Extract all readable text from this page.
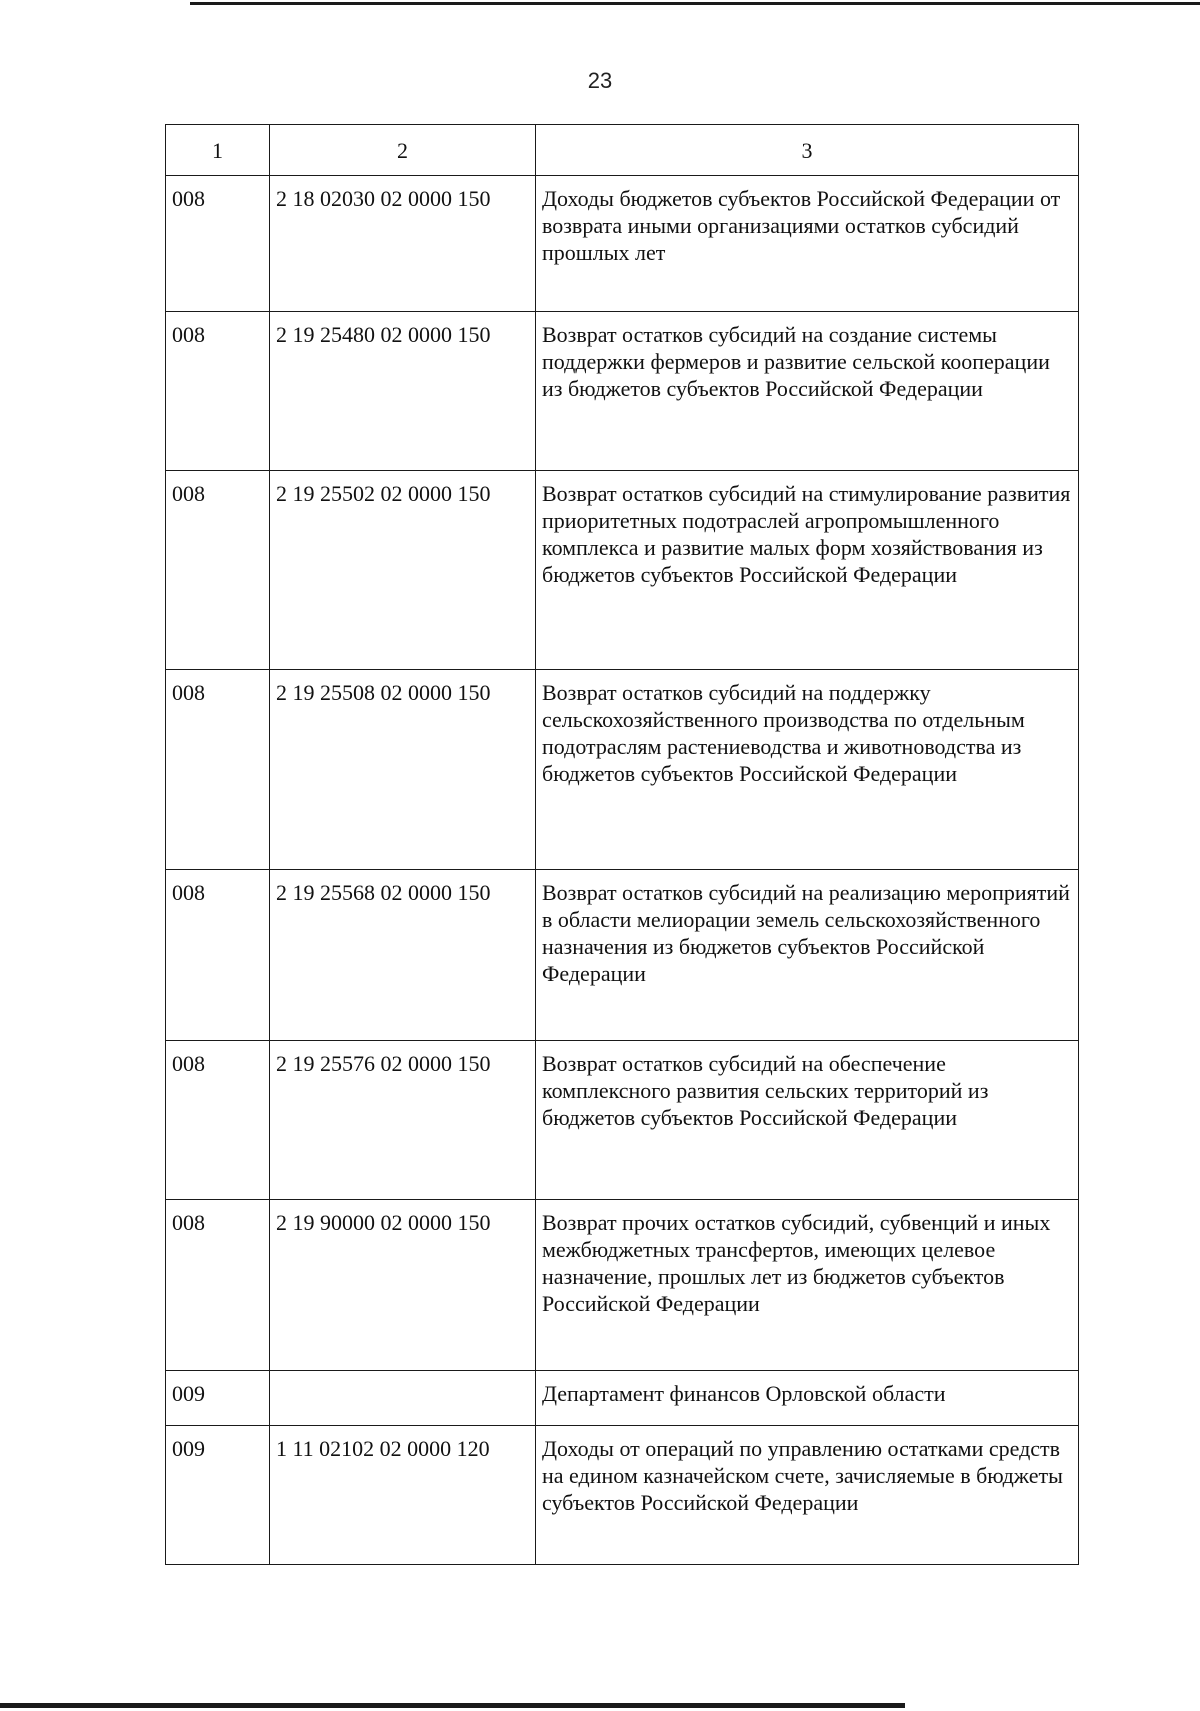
23
1	2	3
008	2 18 02030 02 0000 150	Доходы бюджетов субъектов Российской Федерации от возврата иными организациями остатков субсидий прошлых лет
008	2 19 25480 02 0000 150	Возврат остатков субсидий на создание системы поддержки фермеров и развитие сельской кооперации из бюджетов субъектов Российской Федерации
008	2 19 25502 02 0000 150	Возврат остатков субсидий на стимулирование развития приоритетных подотраслей агропромышленного комплекса и развитие малых форм хозяйствования из бюджетов субъектов Российской Федерации
008	2 19 25508 02 0000 150	Возврат остатков субсидий на поддержку сельскохозяйственного производства по отдельным подотраслям растениеводства и животноводства из бюджетов субъектов Российской Федерации
008	2 19 25568 02 0000 150	Возврат остатков субсидий на реализацию мероприятий в области мелиорации земель сельскохозяйственного назначения из бюджетов субъектов Российской Федерации
008	2 19 25576 02 0000 150	Возврат остатков субсидий на обеспечение комплексного развития сельских территорий из бюджетов субъектов Российской Федерации
008	2 19 90000 02 0000 150	Возврат прочих остатков субсидий, субвенций и иных межбюджетных трансфертов, имеющих целевое назначение, прошлых лет из бюджетов субъектов Российской Федерации
009		Департамент финансов Орловской области
009	1 11 02102 02 0000 120	Доходы от операций по управлению остатками средств на едином казначейском счете, зачисляемые в бюджеты субъектов Российской Федерации
